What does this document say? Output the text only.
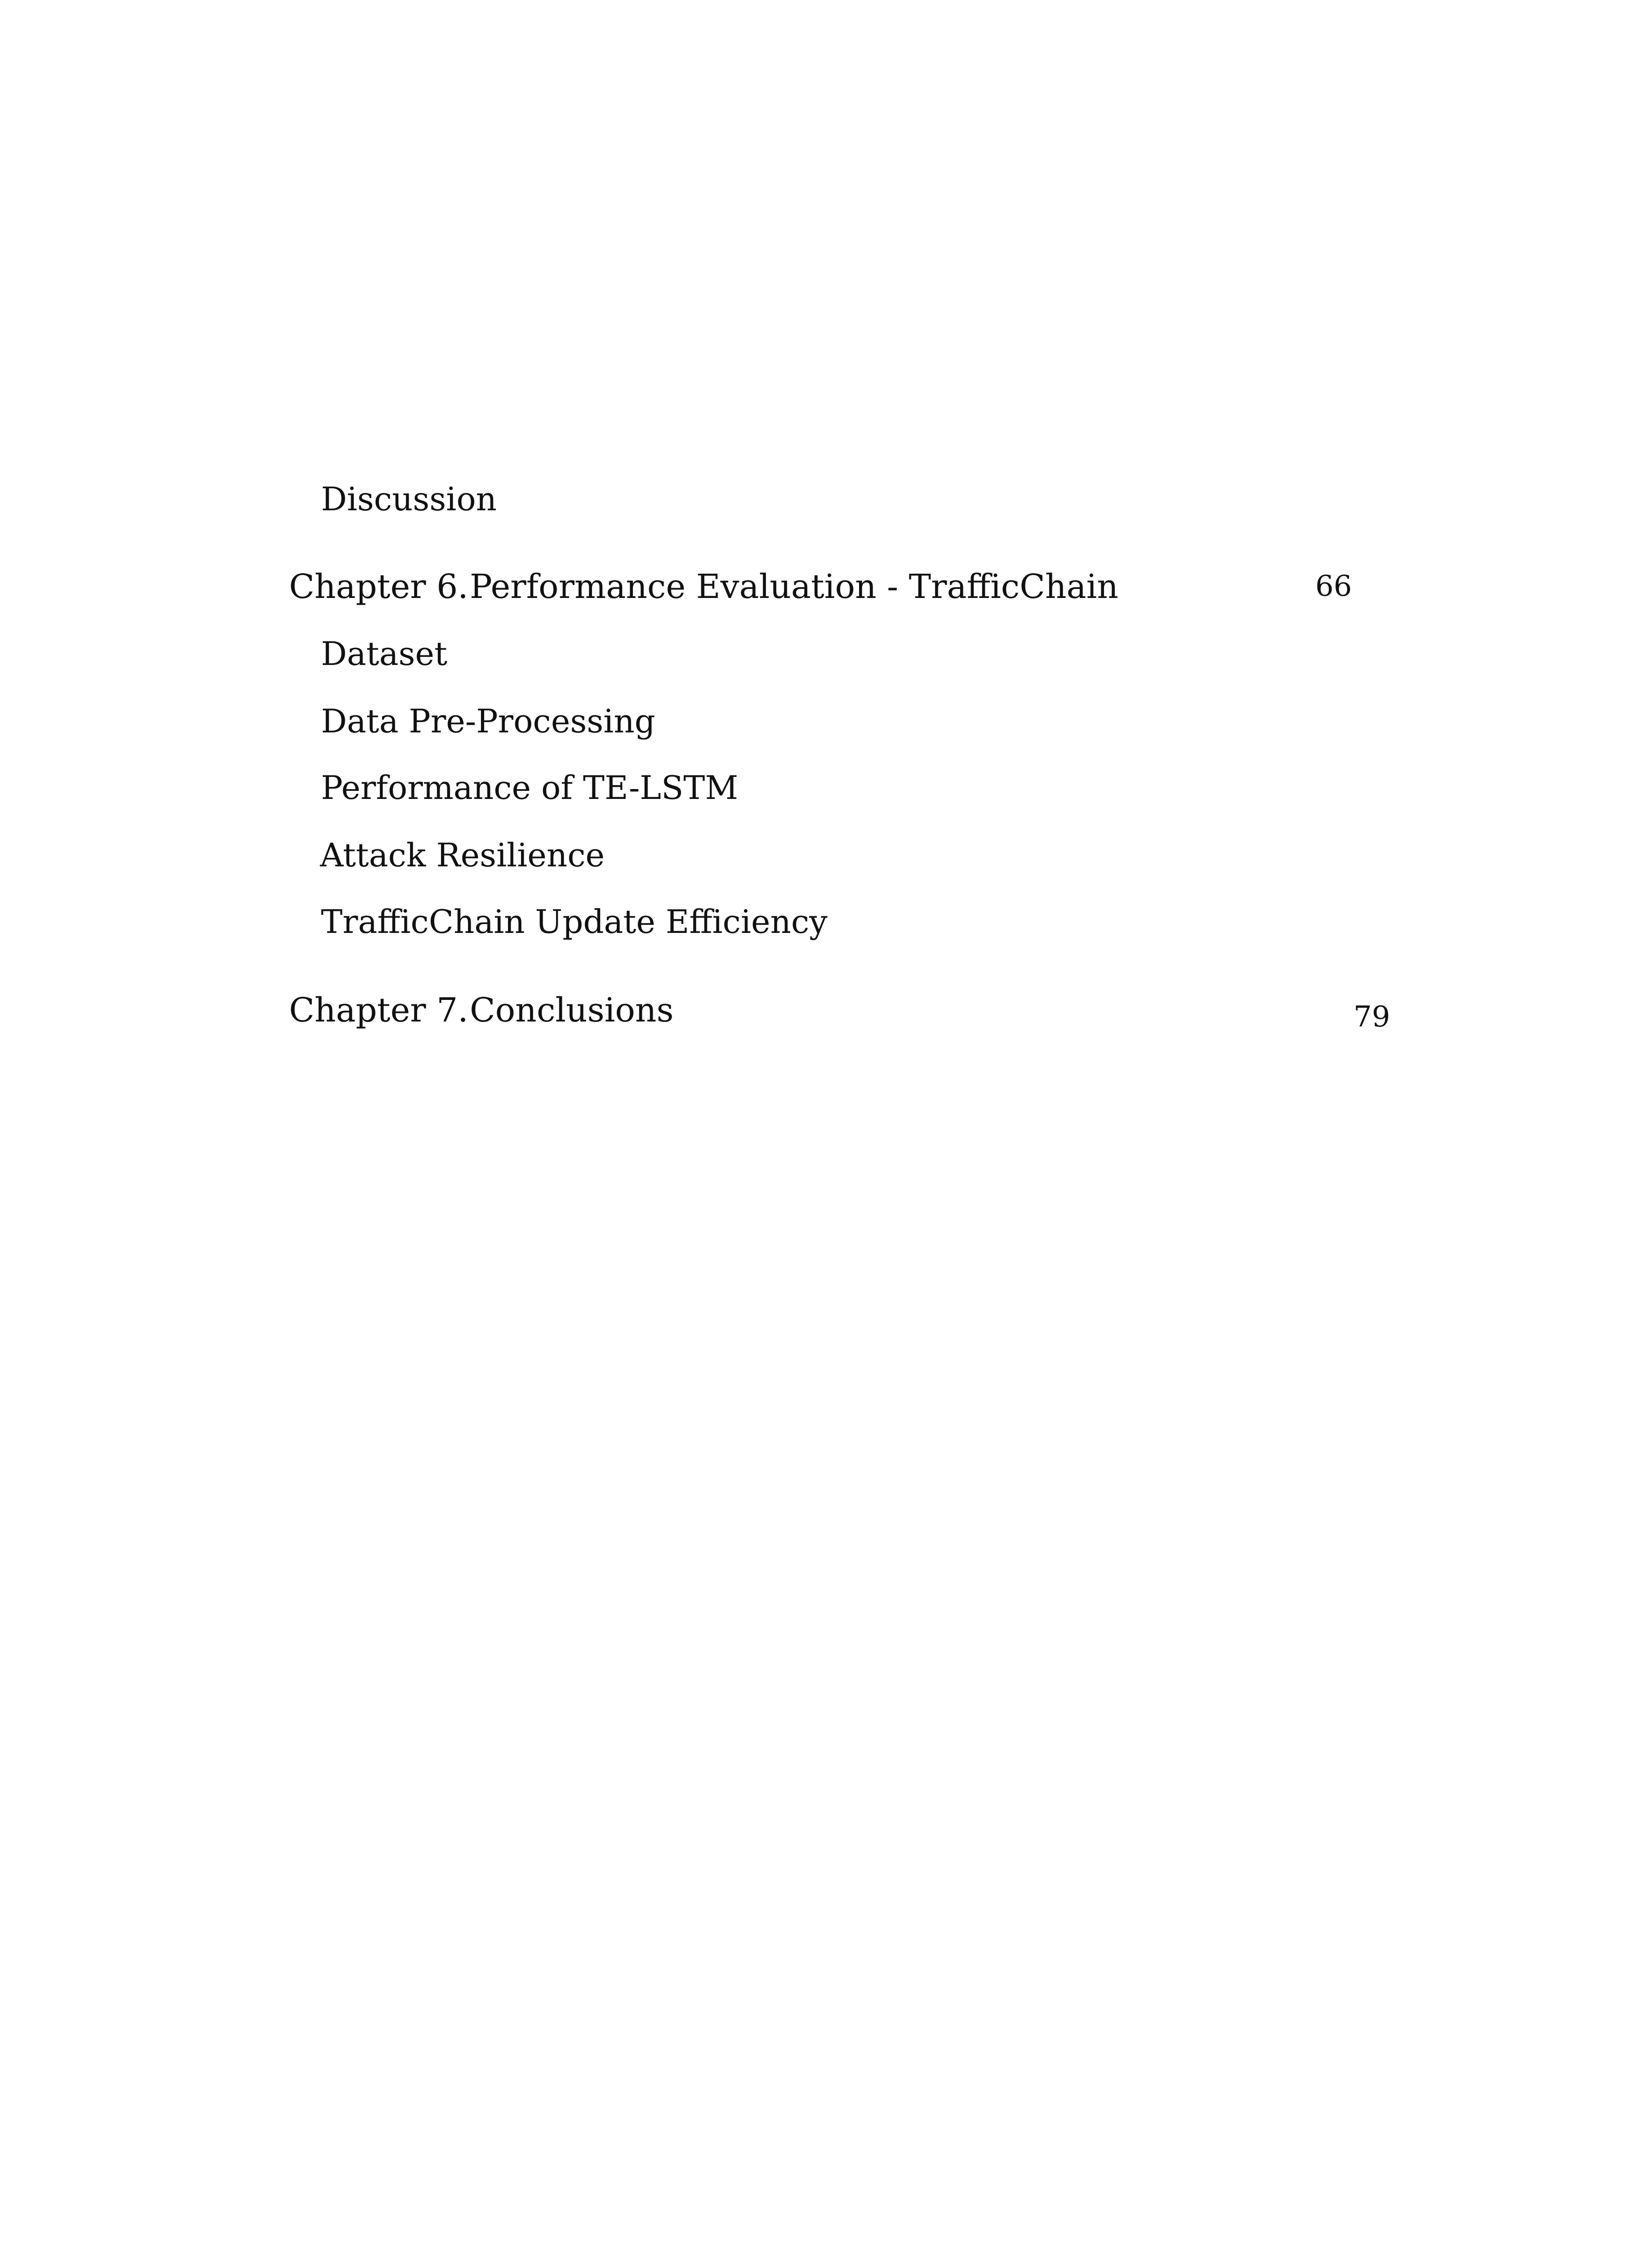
Discussion
Chapter 6. Performance Evaluation - TrafficChain	66
Dataset
Data Pre-Processing
Performance of TE-LSTM
Attack Resilience
TrafficChain Update Efficiency
Chapter 7. Conclusions	79
